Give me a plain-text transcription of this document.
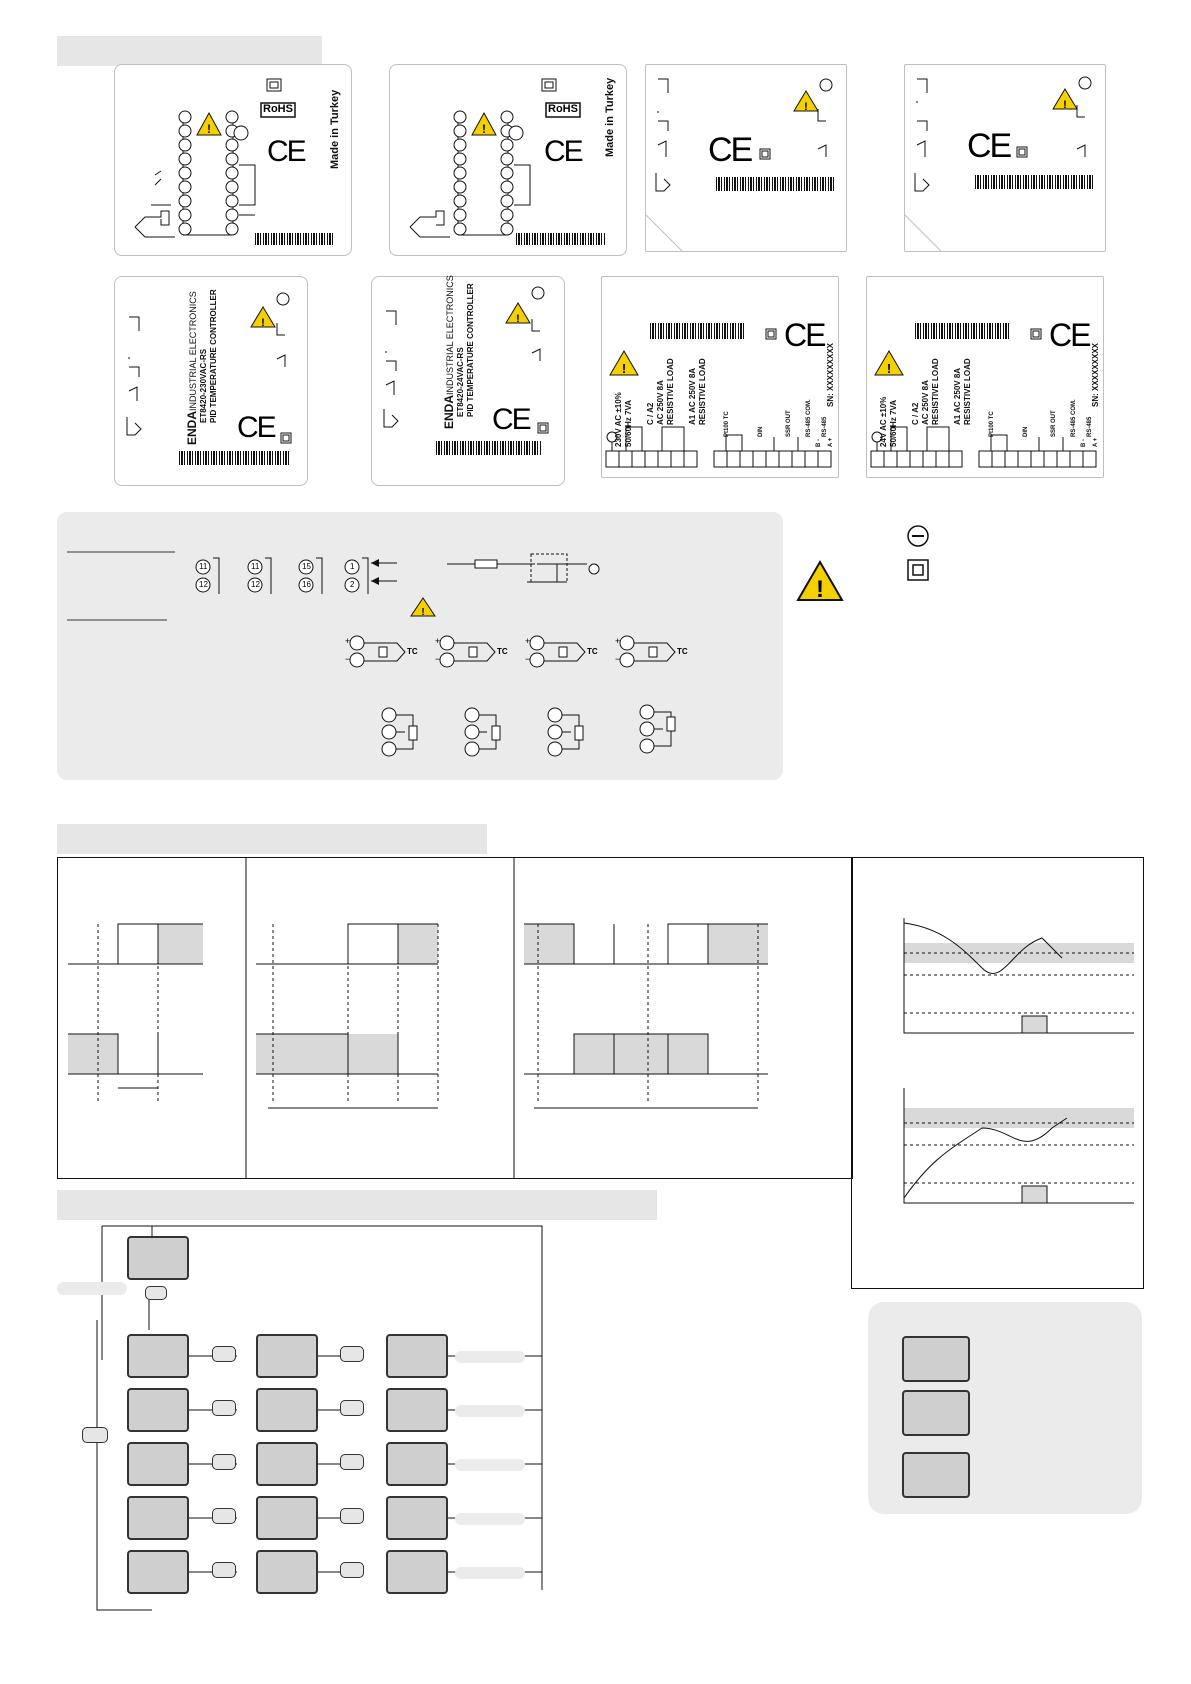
!
RoHS
CE Made in Turkey	!
RoHS
CE Made in Turkey	!
CE
!
CE
!
ENDAINDUSTRIAL ELECTRONICS ET8420-230VAC-RS PID TEMPERATURE CONTROLLER
CE
!
ENDAINDUSTRIAL ELECTRONICS ET8420-24VAC-RS PID TEMPERATURE CONTROLLER
CE
!
CE
230V AC ±10% 50/60Hz 7VA C / A2 AC 250V 8A RESISTIVE LOAD A1 AC 250V 8A RESISTIVE LOAD	Pt100 TC	DIN	SSR OUT RS-485 COM.
B -
RS-485
A +
SN: XXXXXXXXX	!
CE
24V AC ±10% 50/60Hz 7VA C / A2 AC 250V 8A RESISTIVE LOAD A1 AC 250V 8A RESISTIVE LOAD	Pt100 TC	DIN	SSR OUT RS-485 COM.
B -
RS-485
A +
SN: XXXXXXXXX
!
11
12
11
12
15
16
1
2
TC	TC	TC	TC
+
−
+
−
+
−
+
−
!
